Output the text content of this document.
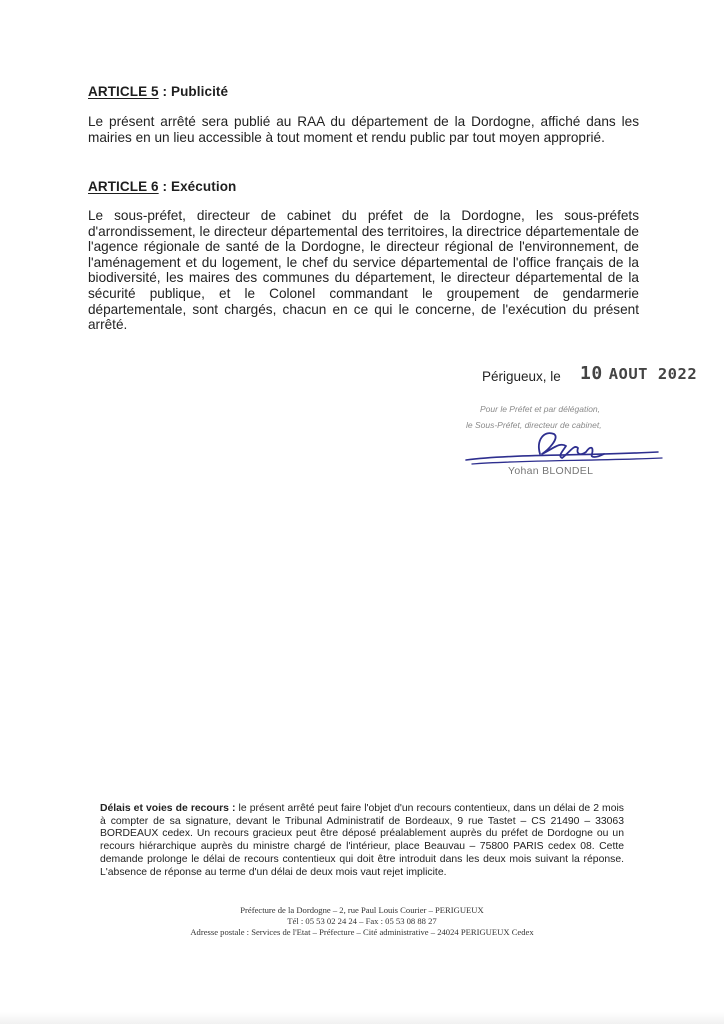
ARTICLE 5 : Publicité
Le présent arrêté sera publié au RAA du département de la Dordogne, affiché dans les mairies en un lieu accessible à tout moment et rendu public par tout moyen approprié.
ARTICLE 6 : Exécution
Le sous-préfet, directeur de cabinet du préfet de la Dordogne, les sous-préfets d'arrondissement, le directeur départemental des territoires, la directrice départementale de l'agence régionale de santé de la Dordogne, le directeur régional de l'environnement, de l'aménagement et du logement, le chef du service départemental de l'office français de la biodiversité, les maires des communes du département, le directeur départemental de la sécurité publique, et le Colonel commandant le groupement de gendarmerie départementale, sont chargés, chacun en ce qui le concerne, de l'exécution du présent arrêté.
Périgueux, le 10 AOUT 2022
Pour le Préfet et par délégation,
le Sous-Préfet, directeur de cabinet,
Yohan BLONDEL
Délais et voies de recours : le présent arrêté peut faire l'objet d'un recours contentieux, dans un délai de 2 mois à compter de sa signature, devant le Tribunal Administratif de Bordeaux, 9 rue Tastet – CS 21490 – 33063 BORDEAUX cedex. Un recours gracieux peut être déposé préalablement auprès du préfet de Dordogne ou un recours hiérarchique auprès du ministre chargé de l'intérieur, place Beauvau – 75800 PARIS cedex 08. Cette demande prolonge le délai de recours contentieux qui doit être introduit dans les deux mois suivant la réponse. L'absence de réponse au terme d'un délai de deux mois vaut rejet implicite.
Préfecture de la Dordogne – 2, rue Paul Louis Courier – PERIGUEUX
Tél : 05 53 02 24 24 – Fax : 05 53 08 88 27
Adresse postale : Services de l'Etat – Préfecture – Cité administrative – 24024 PERIGUEUX Cedex
